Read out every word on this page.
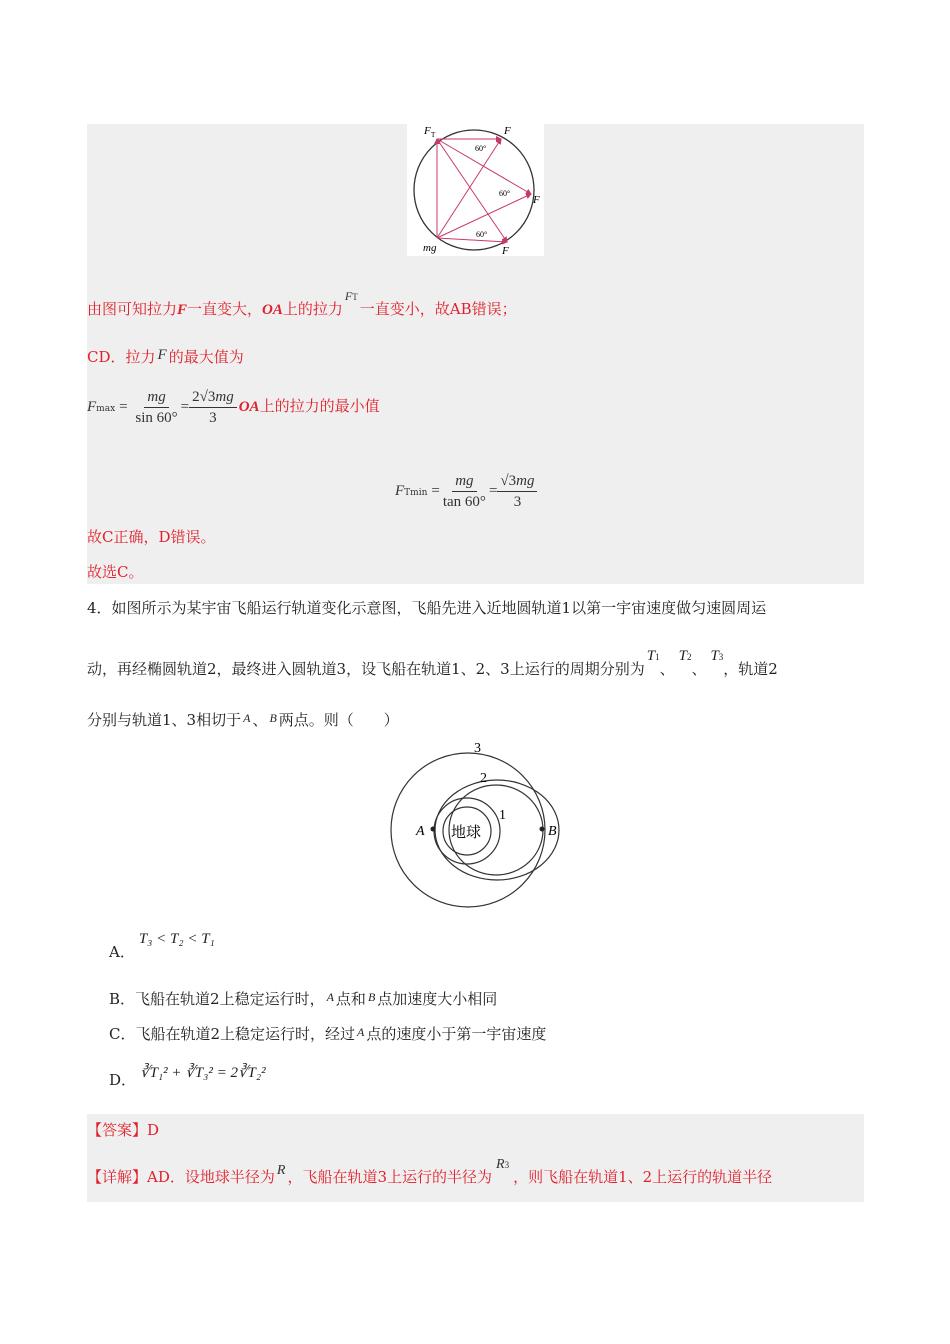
F T	F
60°
60°
F
60°
mg	F
由图可知拉力F一直变大，OA上的拉力$^{FT}$一直变小，故AB错误；
CD．拉力 F 的最大值为
$Fmax = \frac{mg}{\sin 60^\circ} = \frac{2√3mg}{3}$ OA上的拉力的最小值
$FTmin = \frac{mg}{\tan 60^\circ} = \frac{√3mg}{3}$
故C正确，D错误。
故选C。
4．如图所示为某宇宙飞船运行轨道变化示意图，飞船先进入近地圆轨道1以第一宇宙速度做匀速圆周运
动，再经椭圆轨道2，最终进入圆轨道3，设飞船在轨道1、2、3上运行的周期分别为T1、T2、T3，轨道2
分别与轨道1、3相切于 $^A$ 、 $^B$ 两点。则（　　）
3
2
1
A	B
地球
A．T₃ < T₂ < T₁
B．飞船在轨道2上稳定运行时， $^A$ 点和 $^B$ 点加速度大小相同
C．飞船在轨道2上稳定运行时，经过 $^A$ 点的速度小于第一宇宙速度
D． ∛T₁² + ∛T₃² = 2∛T₂²
【答案】D
【详解】AD．设地球半径为 R ，飞船在轨道3上运行的半径为R3，则飞船在轨道1、2上运行的轨道半径
